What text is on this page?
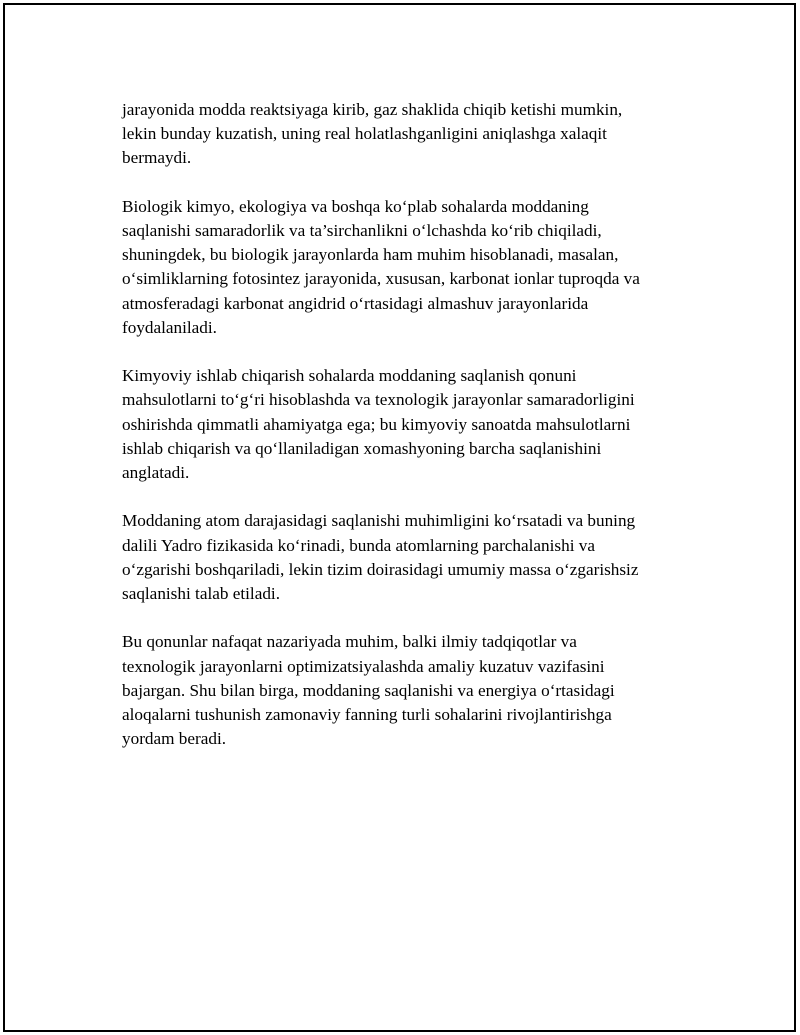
jarayonida modda reaktsiyaga kirib, gaz shaklida chiqib ketishi mumkin,
lekin bunday kuzatish, uning real holatlashganligini aniqlashga xalaqit
bermaydi.

Biologik kimyo, ekologiya va boshqa ko‘plab sohalarda moddaning
saqlanishi samaradorlik va ta’sirchanlikni o‘lchashda ko‘rib chiqiladi,
shuningdek, bu biologik jarayonlarda ham muhim hisoblanadi, masalan,
o‘simliklarning fotosintez jarayonida, xususan, karbonat ionlar tuproqda va
atmosferadagi karbonat angidrid o‘rtasidagi almashuv jarayonlarida
foydalaniladi.

Kimyoviy ishlab chiqarish sohalarda moddaning saqlanish qonuni
mahsulotlarni to‘g‘ri hisoblashda va texnologik jarayonlar samaradorligini
oshirishda qimmatli ahamiyatga ega; bu kimyoviy sanoatda mahsulotlarni
ishlab chiqarish va qo‘llaniladigan xomashyoning barcha saqlanishini
anglatadi.

Moddaning atom darajasidagi saqlanishi muhimligini ko‘rsatadi va buning
dalili Yadro fizikasida ko‘rinadi, bunda atomlarning parchalanishi va
o‘zgarishi boshqariladi, lekin tizim doirasidagi umumiy massa o‘zgarishsiz
saqlanishi talab etiladi.

Bu qonunlar nafaqat nazariyada muhim, balki ilmiy tadqiqotlar va
texnologik jarayonlarni optimizatsiyalashda amaliy kuzatuv vazifasini
bajargan. Shu bilan birga, moddaning saqlanishi va energiya o‘rtasidagi
aloqalarni tushunish zamonaviy fanning turli sohalarini rivojlantirishga
yordam beradi.
